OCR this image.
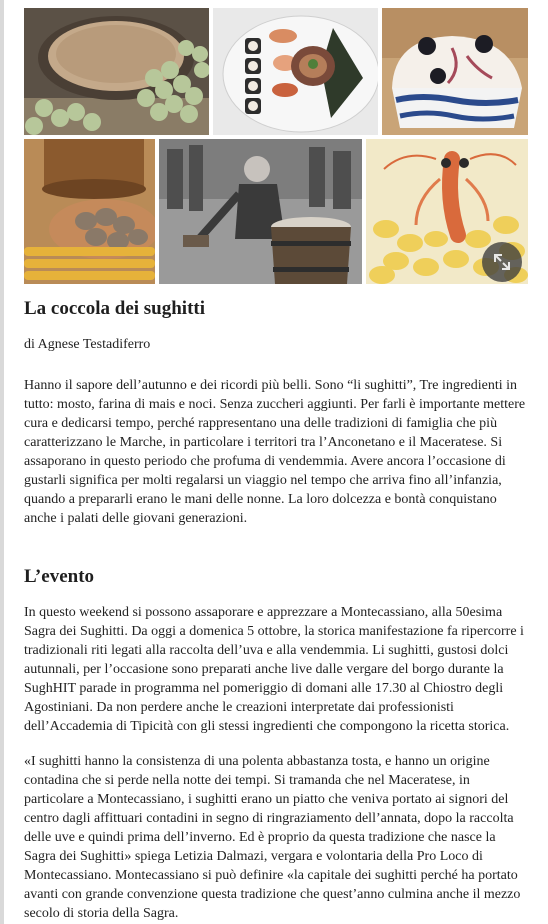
La coccola dei sughitti

di Agnese Testadiferro

Hanno il sapore dell’autunno e dei ricordi più belli. Sono “li sughitti”, Tre ingredienti in tutto: mosto, farina di mais e noci. Senza zuccheri aggiunti. Per farli è importante mettere cura e dedicarsi tempo, perché rappresentano una delle tradizioni di famiglia che più caratterizzano le Marche, in particolare i territori tra l’Anconetano e il Maceratese. Si assaporano in questo periodo che profuma di vendemmia. Avere ancora l’occasione di gustarli significa per molti regalarsi un viaggio nel tempo che arriva fino all’infanzia, quando a prepararli erano le mani delle nonne. La loro dolcezza e bontà conquistano anche i palati delle giovani generazioni.

L’evento

In questo weekend si possono assaporare e apprezzare a Montecassiano, alla 50esima Sagra dei Sughitti. Da oggi a domenica 5 ottobre, la storica manifestazione fa ripercorre i tradizionali riti legati alla raccolta dell’uva e alla vendemmia. Li sughitti, gustosi dolci autunnali, per l’occasione sono preparati anche live dalle vergare del borgo durante la SughHIT parade in programma nel pomeriggio di domani alle 17.30 al Chiostro degli Agostiniani. Da non perdere anche le creazioni interpretate dai professionisti dell’Accademia di Tipicità con gli stessi ingredienti che compongono la ricetta storica.

«I sughitti hanno la consistenza di una polenta abbastanza tosta, e hanno un origine contadina che si perde nella notte dei tempi. Si tramanda che nel Maceratese, in particolare a Montecassiano, i sughitti erano un piatto che veniva portato ai signori del centro dagli affittuari contadini in segno di ringraziamento dell’annata, dopo la raccolta delle uve e quindi prima dell’inverno. Ed è proprio da questa tradizione che nasce la Sagra dei Sughitti» spiega Letizia Dalmazi, vergara e volontaria della Pro Loco di Montecassiano. Montecassiano si può definire «la capitale dei sughitti perché ha portato avanti con grande convenzione questa tradizione che quest’anno culmina anche il mezzo secolo di storia della Sagra.
